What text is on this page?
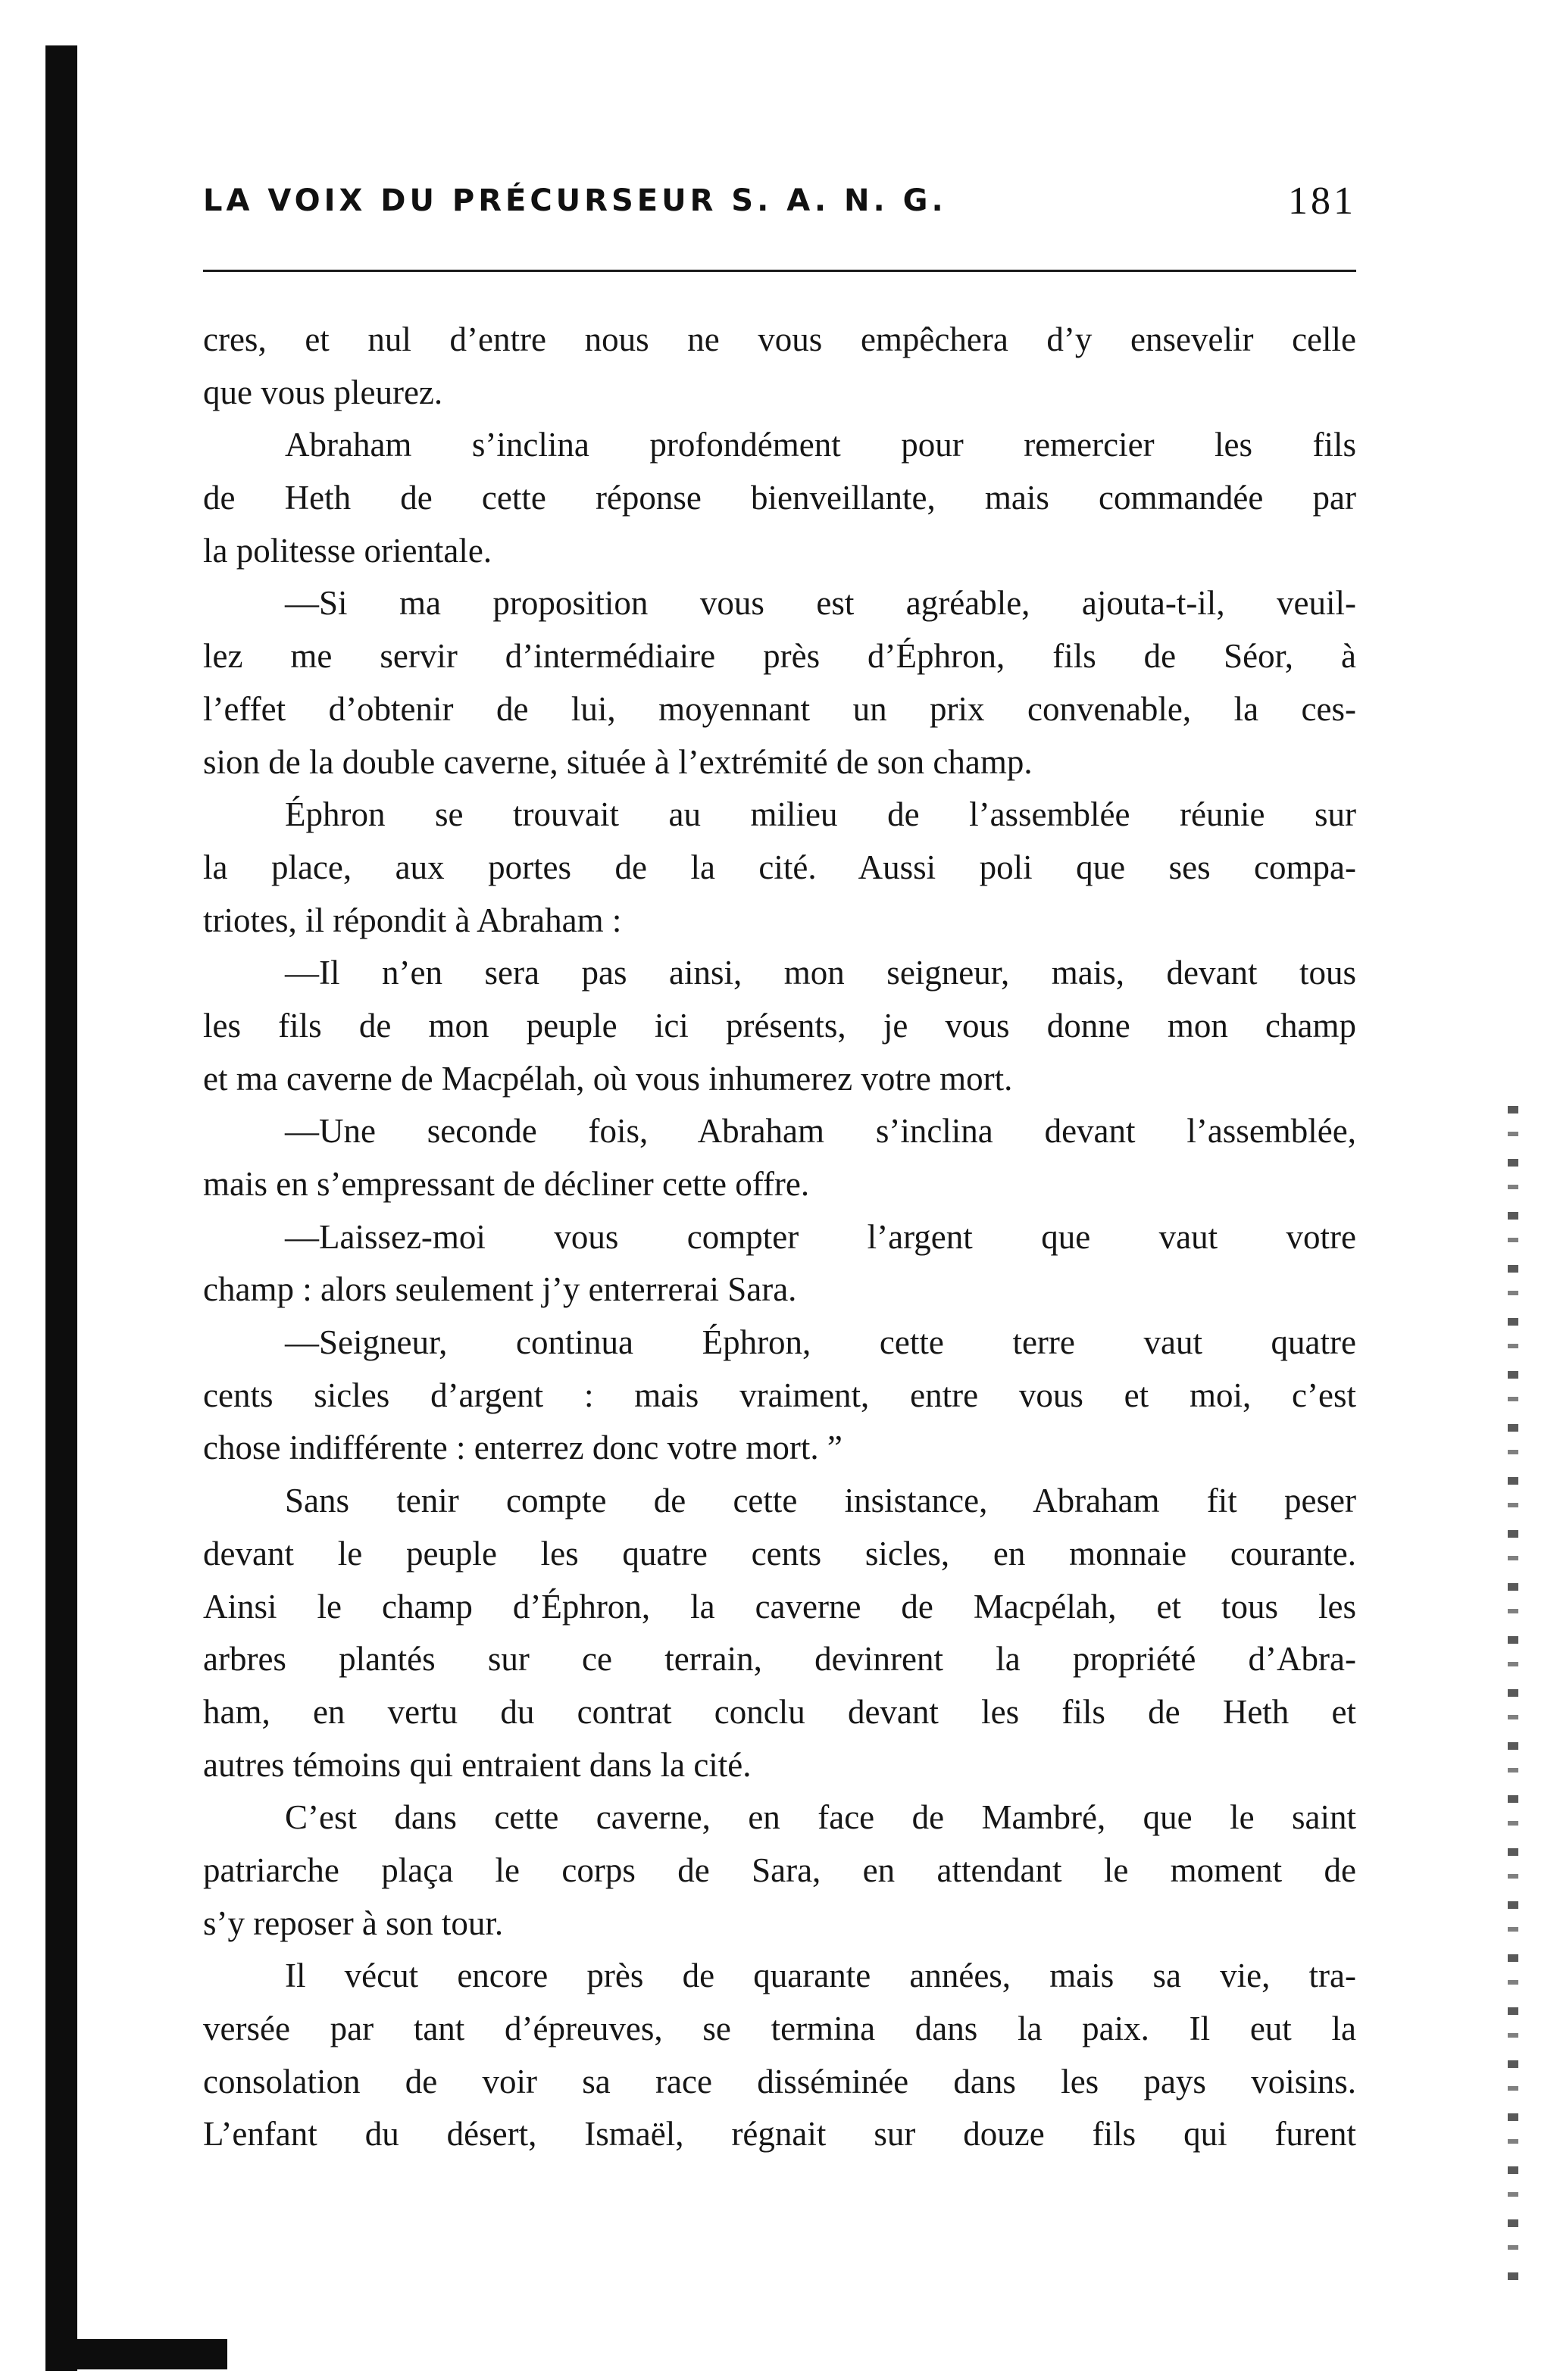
LA VOIX DU PRÉCURSEUR S. A. N. G.	181
cres, et nul d’entre nous ne vous empêchera d’y ensevelir celle
que vous pleurez.
Abraham s’inclina profondément pour remercier les fils
de Heth de cette réponse bienveillante, mais commandée par
la politesse orientale.
—Si ma proposition vous est agréable, ajouta-t-il, veuil-
lez me servir d’intermédiaire près d’Éphron, fils de Séor, à
l’effet d’obtenir de lui, moyennant un prix convenable, la ces-
sion de la double caverne, située à l’extrémité de son champ.
Éphron se trouvait au milieu de l’assemblée réunie sur
la place, aux portes de la cité. Aussi poli que ses compa-
triotes, il répondit à Abraham :
—Il n’en sera pas ainsi, mon seigneur, mais, devant tous
les fils de mon peuple ici présents, je vous donne mon champ
et ma caverne de Macpélah, où vous inhumerez votre mort.
—Une seconde fois, Abraham s’inclina devant l’assemblée,
mais en s’empressant de décliner cette offre.
—Laissez-moi vous compter l’argent que vaut votre
champ : alors seulement j’y enterrerai Sara.
—Seigneur, continua Éphron, cette terre vaut quatre
cents sicles d’argent : mais vraiment, entre vous et moi, c’est
chose indifférente : enterrez donc votre mort. ”
Sans tenir compte de cette insistance, Abraham fit peser
devant le peuple les quatre cents sicles, en monnaie courante.
Ainsi le champ d’Éphron, la caverne de Macpélah, et tous les
arbres plantés sur ce terrain, devinrent la propriété d’Abra-
ham, en vertu du contrat conclu devant les fils de Heth et
autres témoins qui entraient dans la cité.
C’est dans cette caverne, en face de Mambré, que le saint
patriarche plaça le corps de Sara, en attendant le moment de
s’y reposer à son tour.
Il vécut encore près de quarante années, mais sa vie, tra-
versée par tant d’épreuves, se termina dans la paix. Il eut la
consolation de voir sa race disséminée dans les pays voisins.
L’enfant du désert, Ismaël, régnait sur douze fils qui furent
